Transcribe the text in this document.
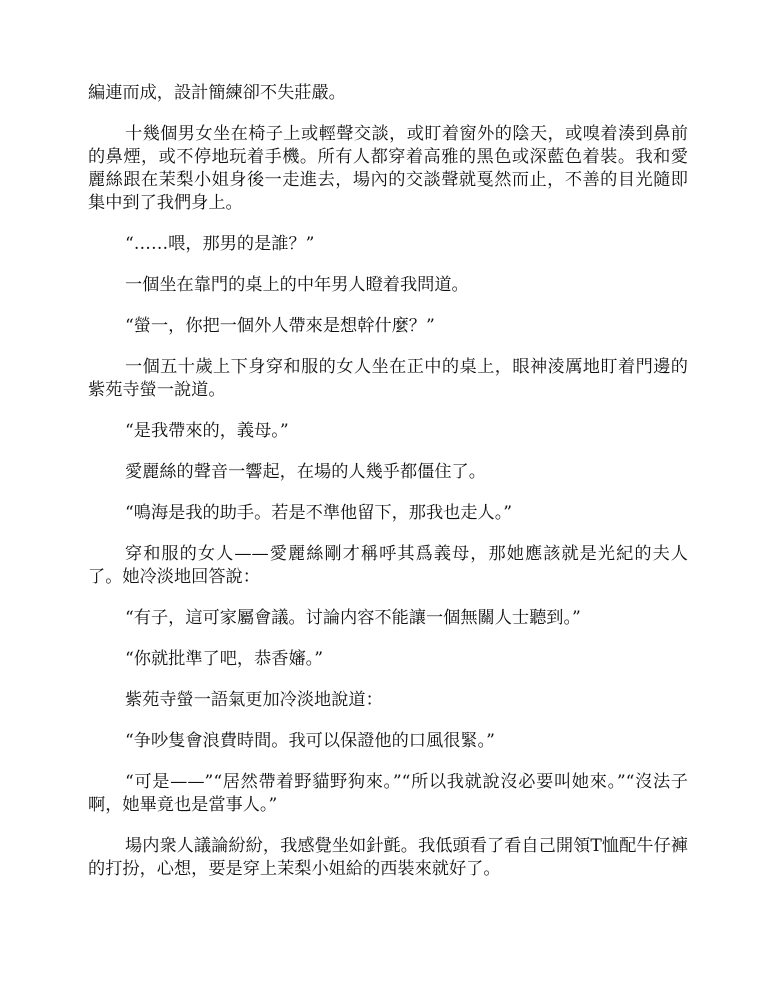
編連而成，設計簡練卻不失莊嚴。

十幾個男女坐在椅子上或輕聲交談，或盯着窗外的陰天，或嗅着湊到鼻前的鼻煙，或不停地玩着手機。所有人都穿着高雅的黑色或深藍色着裝。我和愛麗絲跟在茉梨小姐身後一走進去，場內的交談聲就戛然而止，不善的目光隨即集中到了我們身上。

“……喂，那男的是誰？”

一個坐在靠門的桌上的中年男人瞪着我問道。

“螢一，你把一個外人帶來是想幹什麼？”

一個五十歲上下身穿和服的女人坐在正中的桌上，眼神淩厲地盯着門邊的紫苑寺螢一說道。

“是我帶來的，義母。”

愛麗絲的聲音一響起，在場的人幾乎都僵住了。

“鳴海是我的助手。若是不準他留下，那我也走人。”

穿和服的女人——愛麗絲剛才稱呼其爲義母，那她應該就是光紀的夫人了。她冷淡地回答說：

“有子，這可家屬會議。讨論内容不能讓一個無關人士聽到。”

“你就批準了吧，恭香嬸。”

紫苑寺螢一語氣更加冷淡地說道：

“争吵隻會浪費時間。我可以保證他的口風很緊。”

“可是——”“居然帶着野貓野狗來。”“所以我就說沒必要叫她來。”“沒法子啊，她畢竟也是當事人。”

場内衆人議論紛紛，我感覺坐如針氈。我低頭看了看自己開領T恤配牛仔褲的打扮，心想，要是穿上茉梨小姐給的西裝來就好了。
